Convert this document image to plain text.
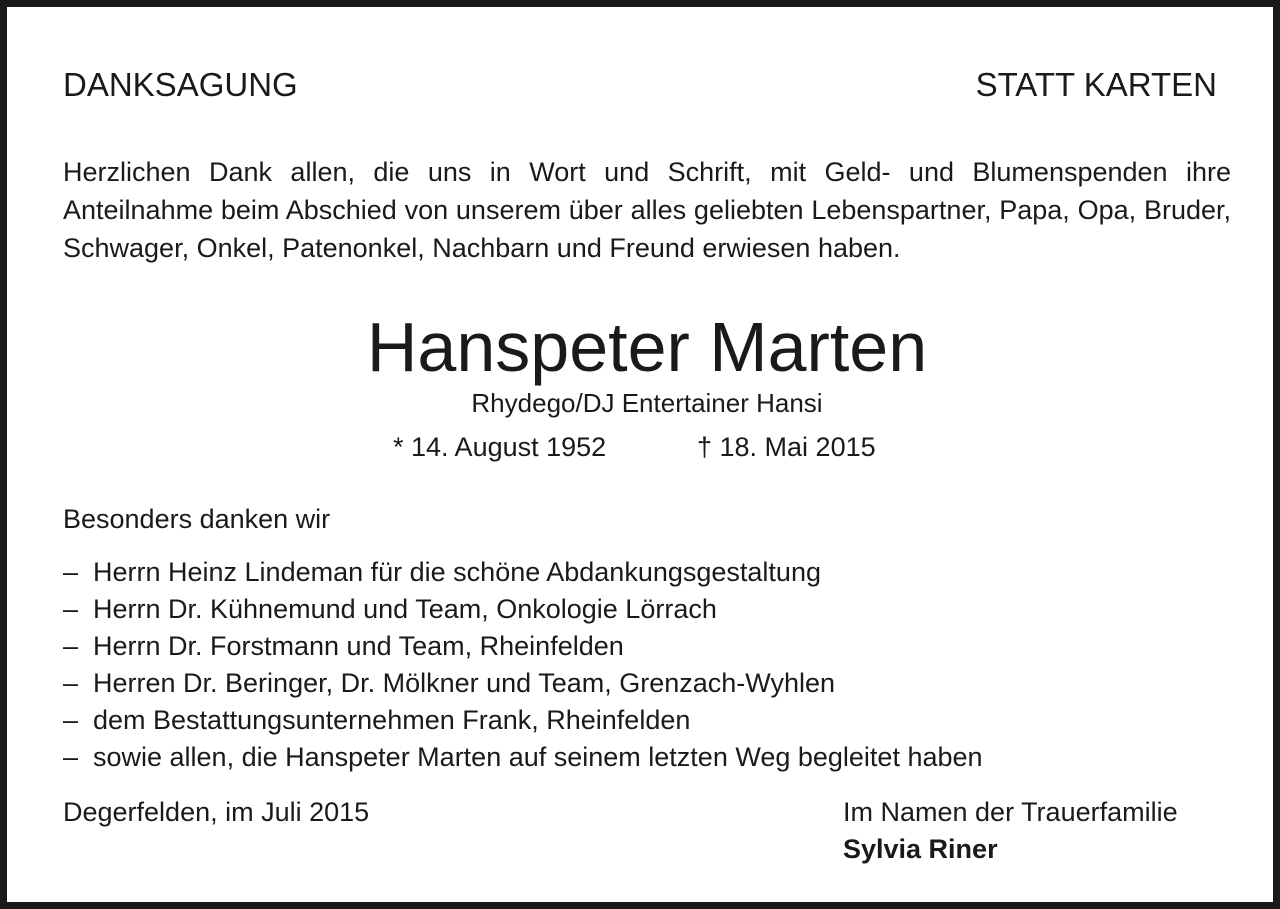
DANKSAGUNG	STATT KARTEN
Herzlichen Dank allen, die uns in Wort und Schrift, mit Geld- und Blumenspenden ihre Anteilnahme beim Abschied von unserem über alles geliebten Lebenspartner, Papa, Opa, Bruder, Schwager, Onkel, Patenonkel, Nachbarn und Freund erwiesen haben.
Hanspeter Marten
Rhydego/DJ Entertainer Hansi
* 14. August 1952	† 18. Mai 2015
Besonders danken wir
– Herrn Heinz Lindeman für die schöne Abdankungsgestaltung
– Herrn Dr. Kühnemund und Team, Onkologie Lörrach
– Herrn Dr. Forstmann und Team, Rheinfelden
– Herren Dr. Beringer, Dr. Mölkner und Team, Grenzach-Wyhlen
– dem Bestattungsunternehmen Frank, Rheinfelden
– sowie allen, die Hanspeter Marten auf seinem letzten Weg begleitet haben
Degerfelden, im Juli 2015	Im Namen der Trauerfamilie
Sylvia Riner
